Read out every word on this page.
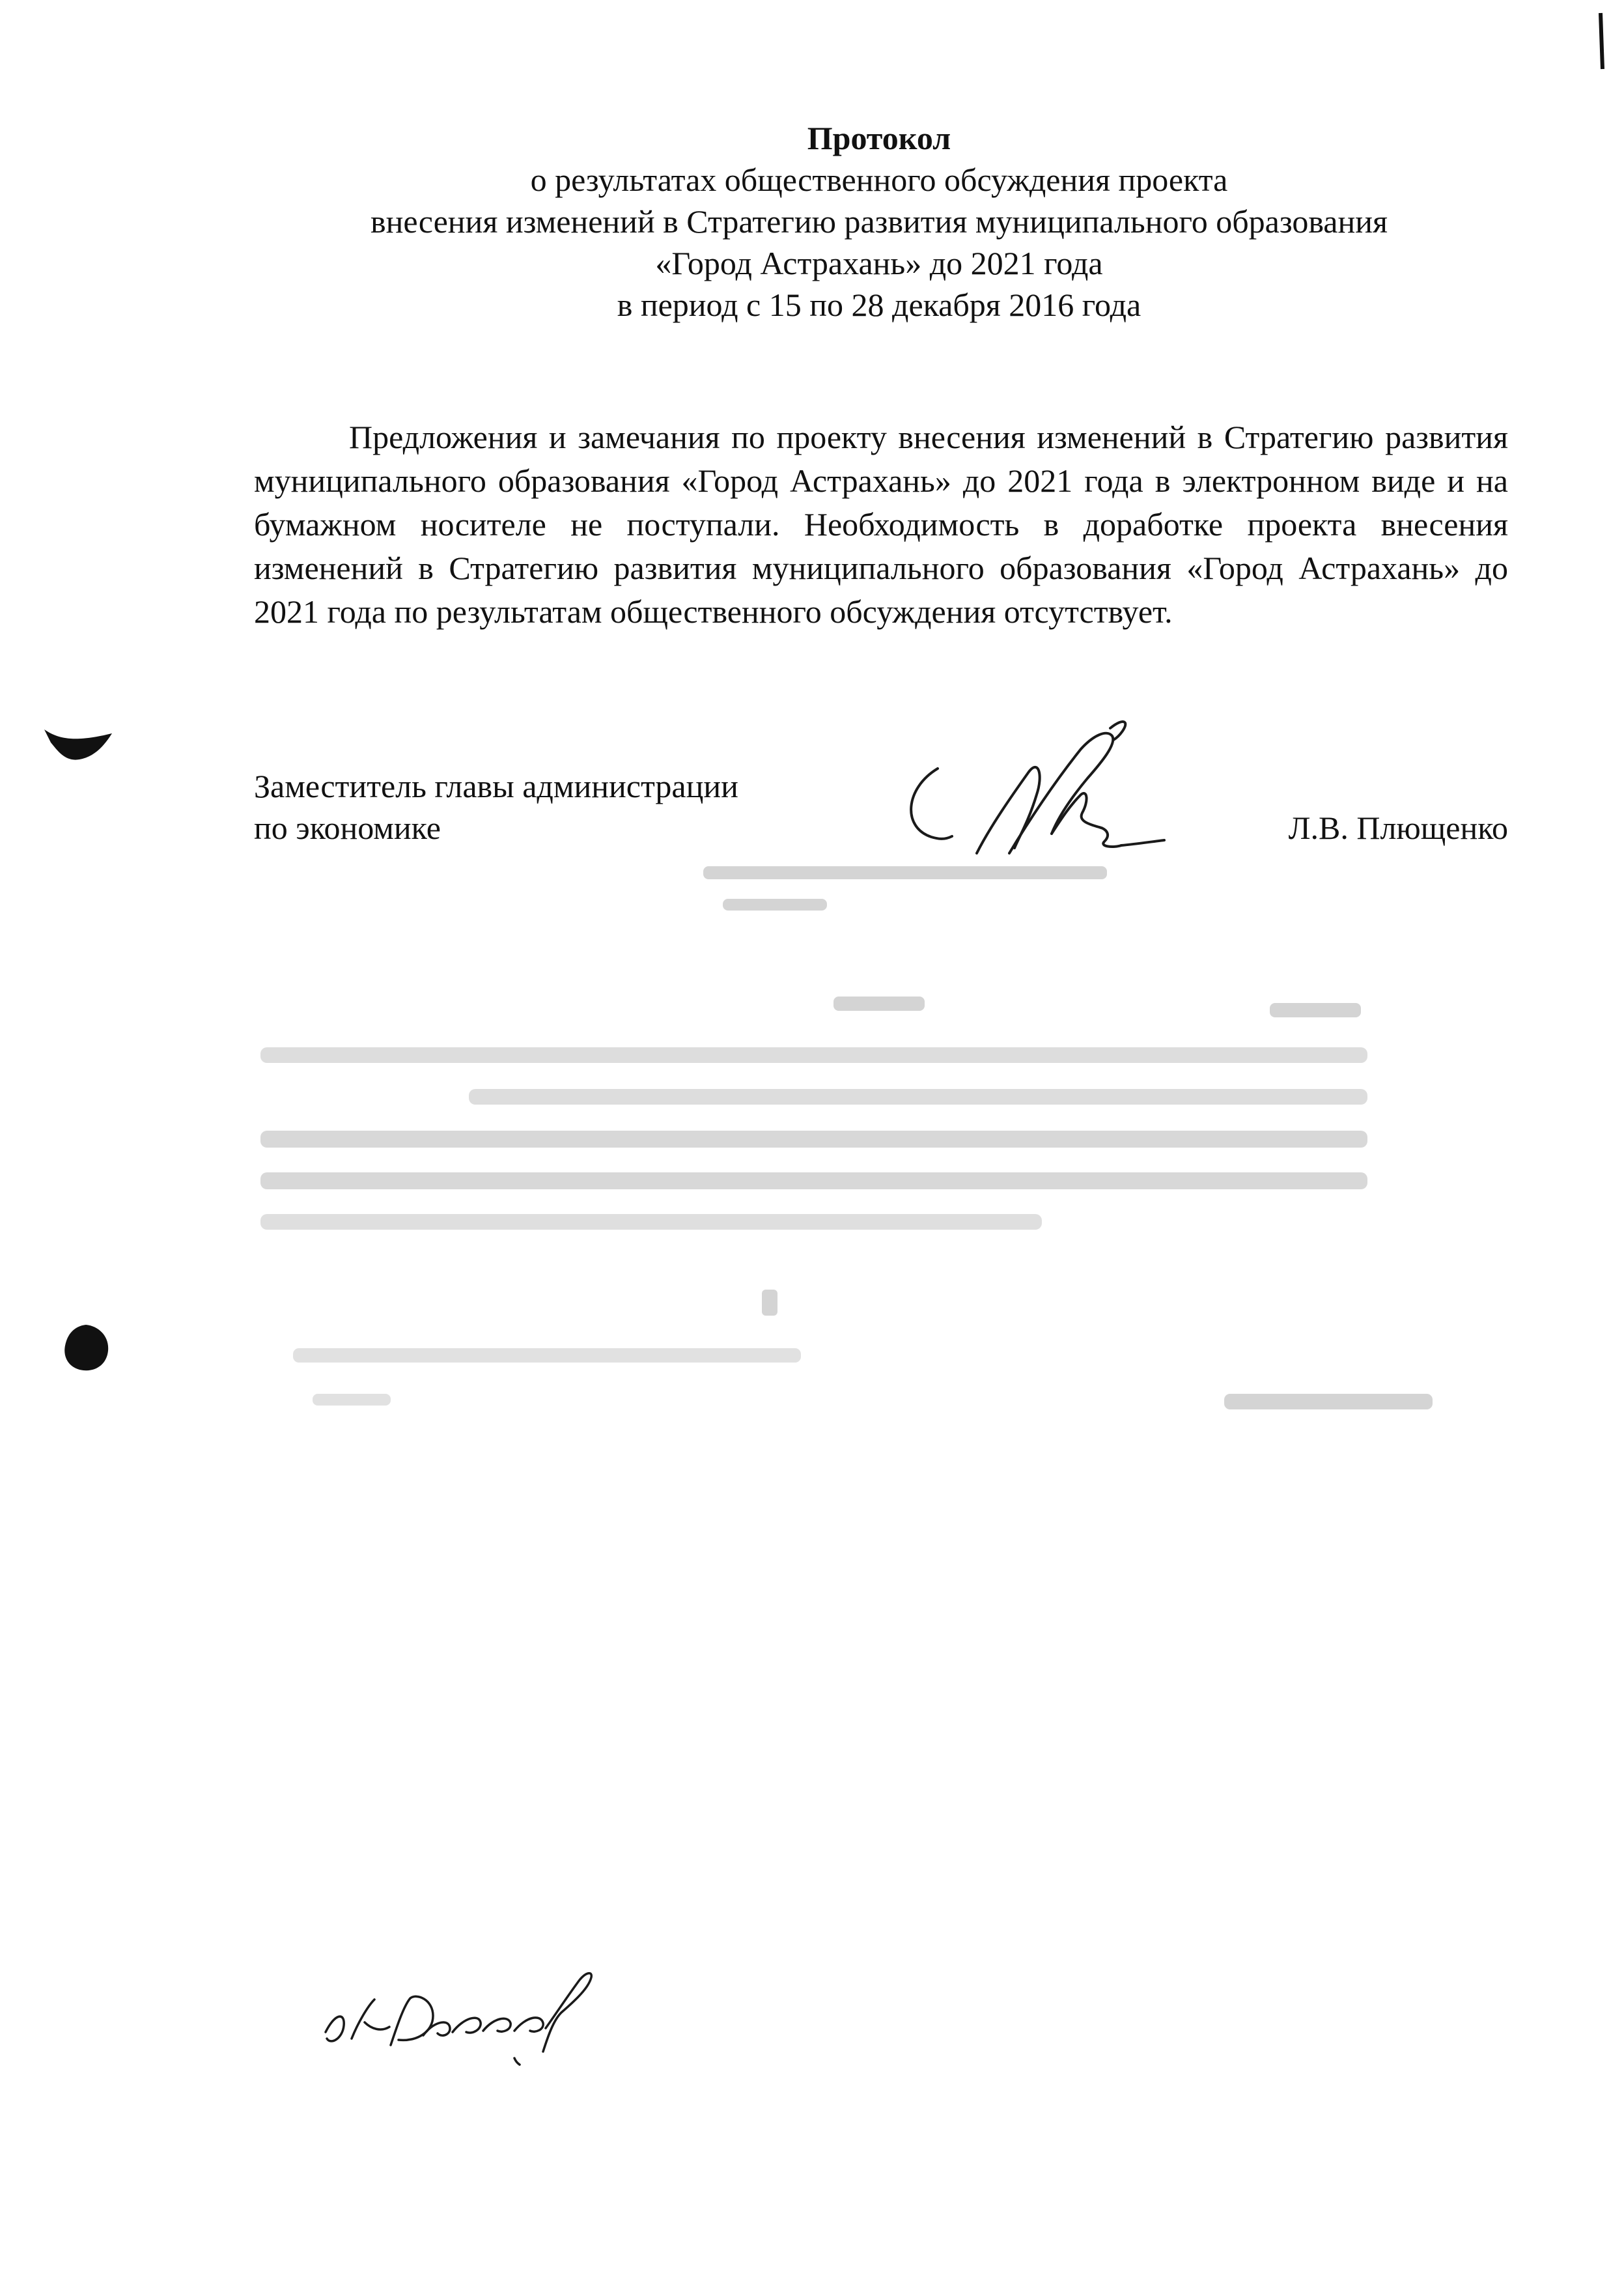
Протокол
о результатах общественного обсуждения проекта
внесения изменений в Стратегию развития муниципального образования
«Город Астрахань» до 2021 года
в период с 15 по 28 декабря 2016 года
Предложения и замечания по проекту внесения изменений в Стратегию развития муниципального образования «Город Астрахань» до 2021 года в электронном виде и на бумажном носителе не поступали. Необходимость в доработке проекта внесения изменений в Стратегию развития муниципального образования «Город Астрахань» до 2021 года по результатам общественного обсуждения отсутствует.
Заместитель главы администрации
по экономике	Л.В. Плющенко
